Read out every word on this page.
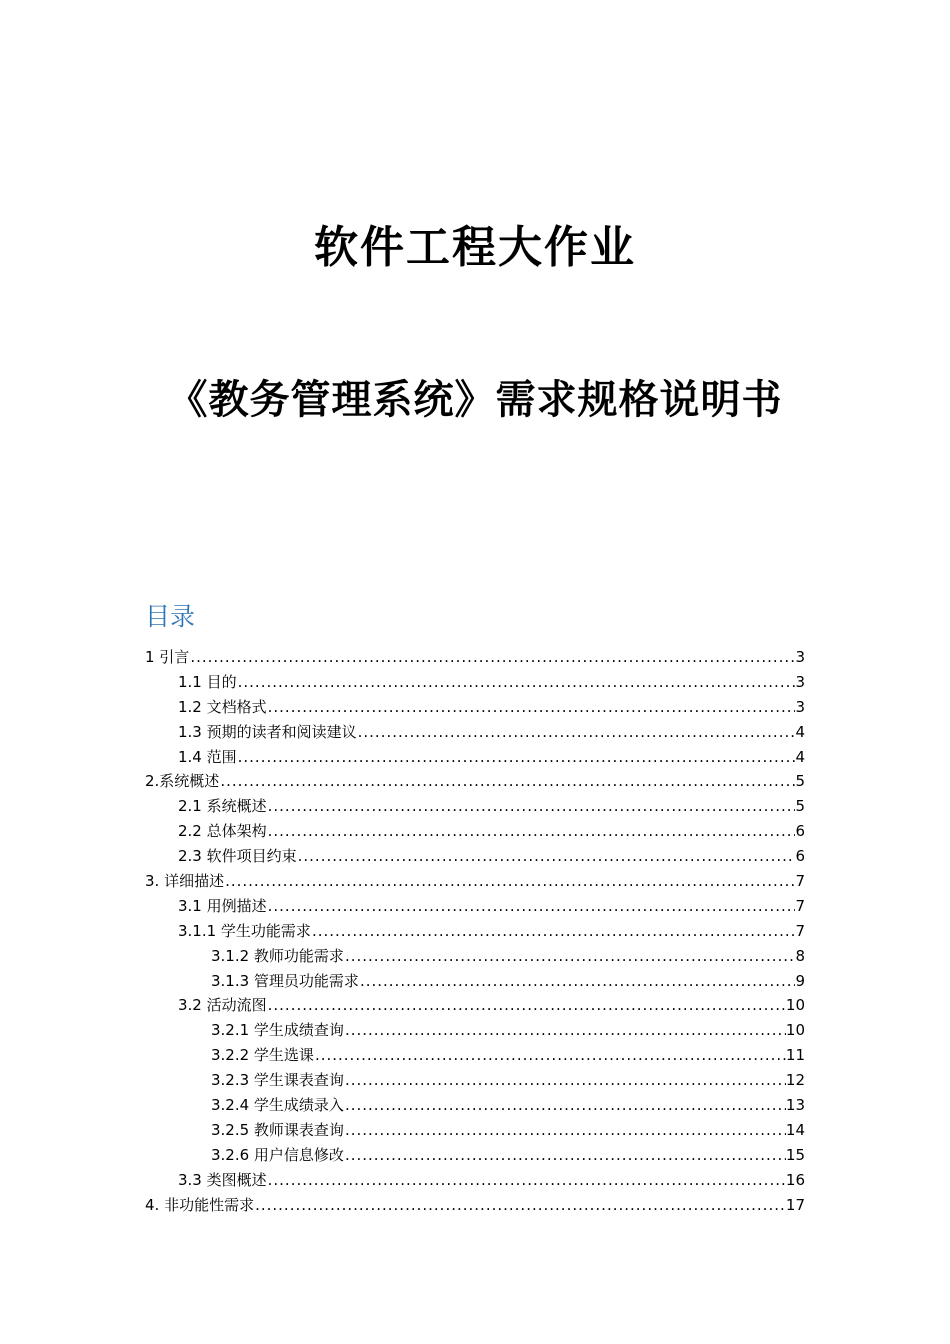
软件工程大作业
《教务管理系统》需求规格说明书
目录
1 引言 .....	3
1.1 目的 .....	3
1.2 文档格式 .....	3
1.3 预期的读者和阅读建议 .....	4
1.4 范围 .....	4
2.系统概述 .....	5
2.1 系统概述 .....	5
2.2 总体架构 .....	6
2.3 软件项目约束 .....	6
3. 详细描述 .....	7
3.1 用例描述 .....	7
3.1.1 学生功能需求 .....	7
3.1.2 教师功能需求 .....	8
3.1.3 管理员功能需求 .....	9
3.2 活动流图 .....	10
3.2.1 学生成绩查询 .....	10
3.2.2 学生选课 .....	11
3.2.3 学生课表查询 .....	12
3.2.4 学生成绩录入 .....	13
3.2.5 教师课表查询 .....	14
3.2.6 用户信息修改 .....	15
3.3 类图概述 .....	16
4. 非功能性需求 .....	17
